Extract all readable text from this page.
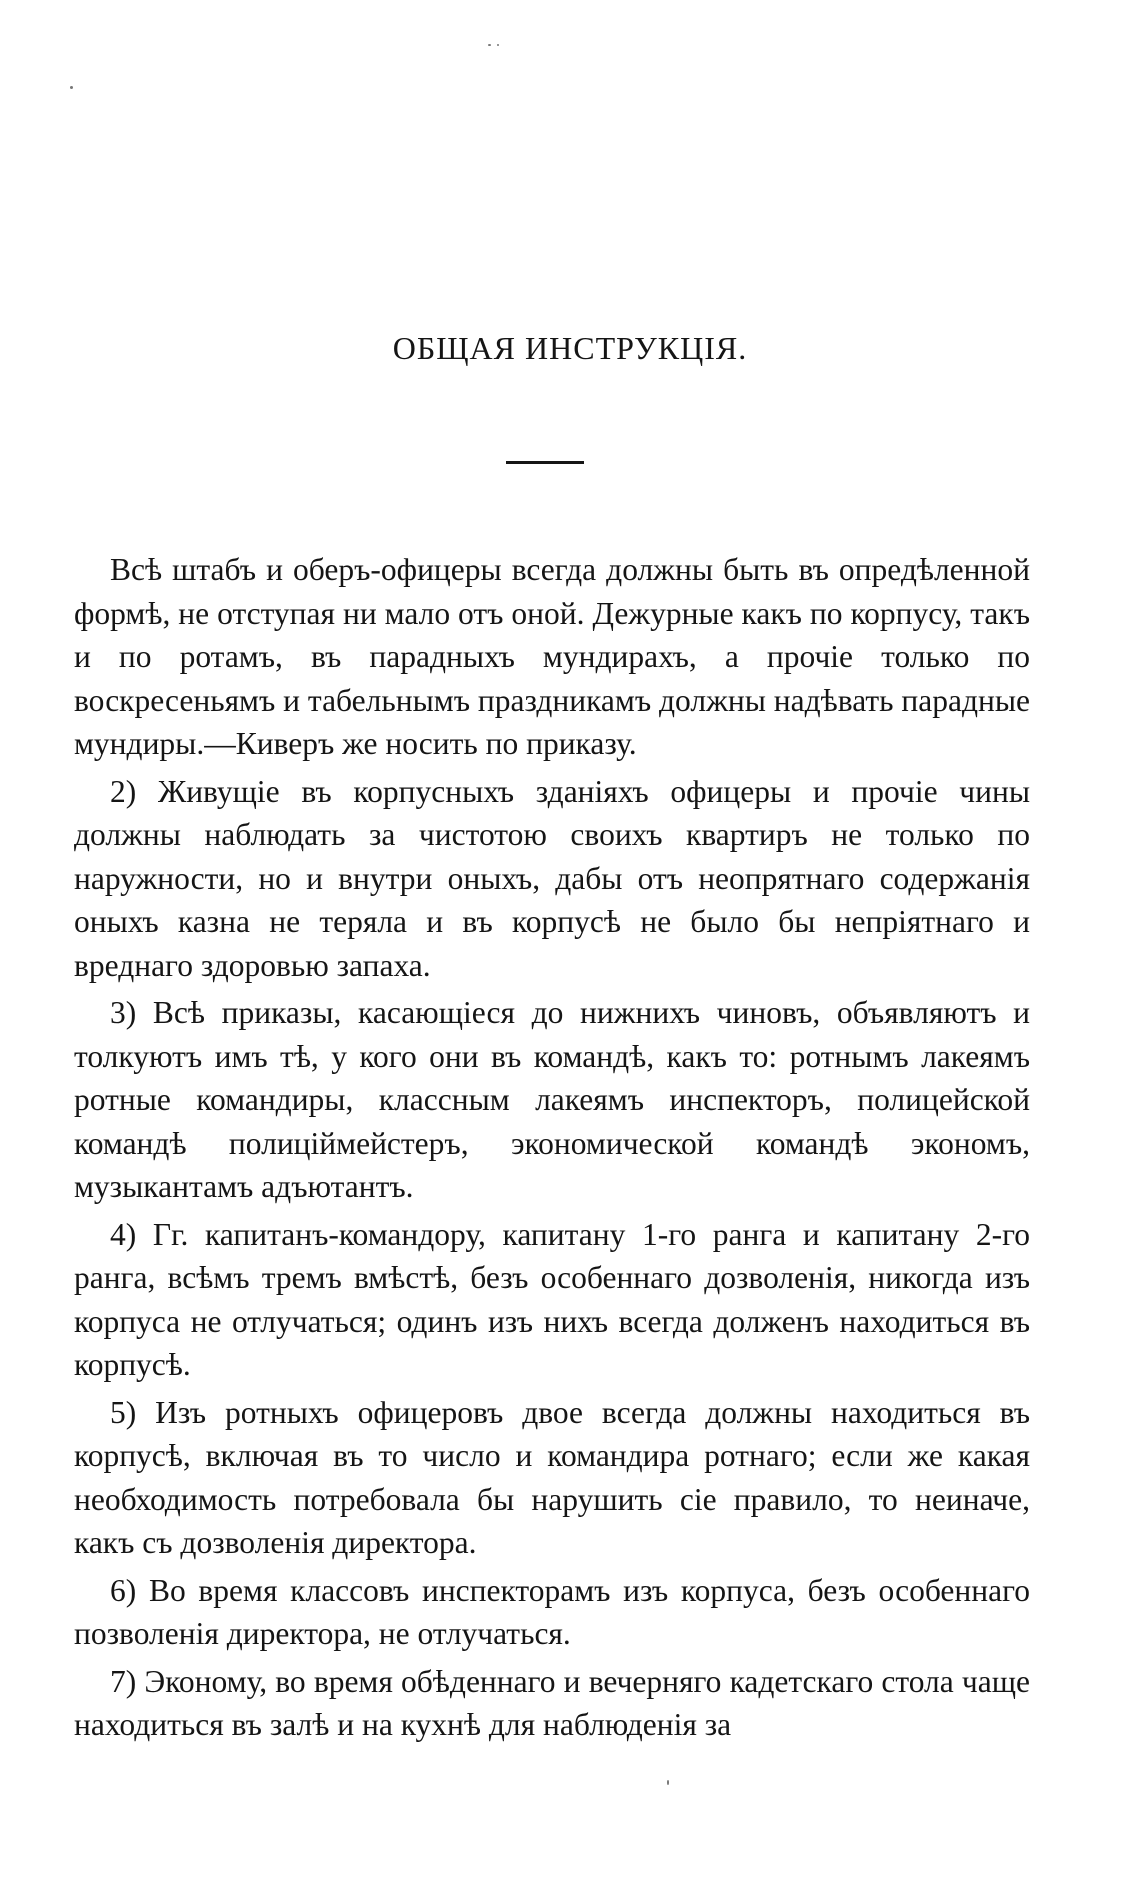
ОБЩАЯ ИНСТРУКЦІЯ.

Всѣ штабъ и оберъ-офицеры всегда должны быть въ опредѣленной формѣ, не отступая ни мало отъ оной. Дежурные какъ по корпусу, такъ и по ротамъ, въ парадныхъ мундирахъ, а прочіе только по воскресеньямъ и табельнымъ праздникамъ должны надѣвать парадные мундиры.—Киверъ же носить по приказу.

2) Живущіе въ корпусныхъ зданіяхъ офицеры и прочіе чины должны наблюдать за чистотою своихъ квартиръ не только по наружности, но и внутри оныхъ, дабы отъ неопрятнаго содержанія оныхъ казна не теряла и въ корпусѣ не было бы непріятнаго и вреднаго здоровью запаха.

3) Всѣ приказы, касающіеся до нижнихъ чиновъ, объявляютъ и толкуютъ имъ тѣ, у кого они въ командѣ, какъ то: ротнымъ лакеямъ ротные командиры, классным лакеямъ инспекторъ, полицейской командѣ полиціймейстеръ, экономической командѣ экономъ, музыкантамъ адъютантъ.

4) Гг. капитанъ-командору, капитану 1-го ранга и капитану 2-го ранга, всѣмъ тремъ вмѣстѣ, безъ особеннаго дозволенія, никогда изъ корпуса не отлучаться; одинъ изъ нихъ всегда долженъ находиться въ корпусѣ.

5) Изъ ротныхъ офицеровъ двое всегда должны находиться въ корпусѣ, включая въ то число и командира ротнаго; если же какая необходимость потребовала бы нарушить сіе правило, то неиначе, какъ съ дозволенія директора.

6) Во время классовъ инспекторамъ изъ корпуса, безъ особеннаго позволенія директора, не отлучаться.

7) Эконому, во время обѣденнаго и вечерняго кадетскаго стола чаще находиться въ залѣ и на кухнѣ для наблюденія за
